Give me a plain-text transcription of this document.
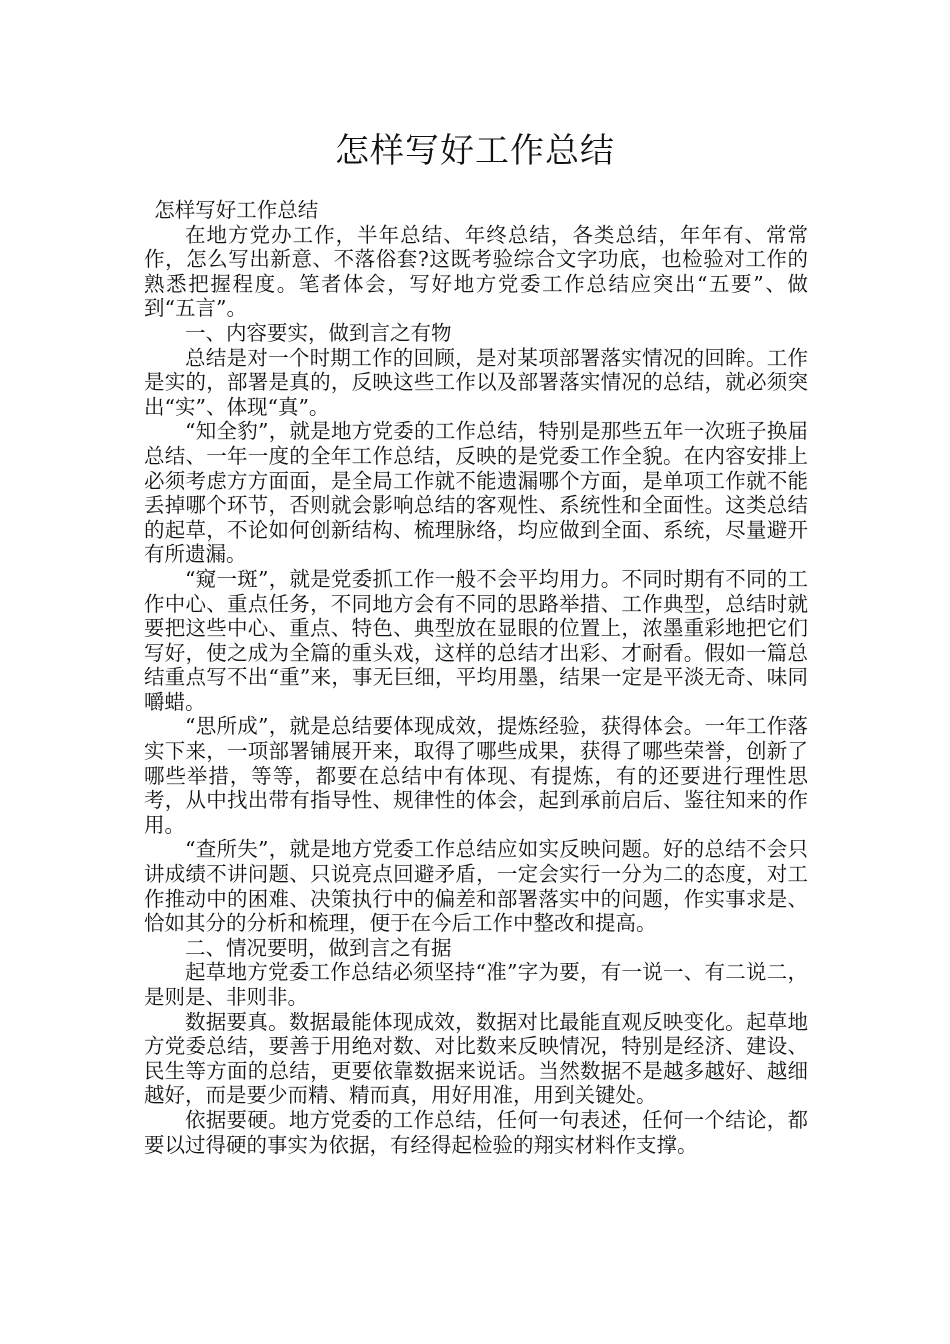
怎样写好工作总结

怎样写好工作总结

在地方党办工作，半年总结、年终总结，各类总结，年年有、常常作，怎么写出新意、不落俗套?这既考验综合文字功底，也检验对工作的熟悉把握程度。笔者体会，写好地方党委工作总结应突出“五要”、做到“五言”。

一、内容要实，做到言之有物

总结是对一个时期工作的回顾，是对某项部署落实情况的回眸。工作是实的，部署是真的，反映这些工作以及部署落实情况的总结，就必须突出“实”、体现“真”。

“知全豹”，就是地方党委的工作总结，特别是那些五年一次班子换届总结、一年一度的全年工作总结，反映的是党委工作全貌。在内容安排上必须考虑方方面面，是全局工作就不能遗漏哪个方面，是单项工作就不能丢掉哪个环节，否则就会影响总结的客观性、系统性和全面性。这类总结的起草，不论如何创新结构、梳理脉络，均应做到全面、系统，尽量避开有所遗漏。

“窥一斑”，就是党委抓工作一般不会平均用力。不同时期有不同的工作中心、重点任务，不同地方会有不同的思路举措、工作典型，总结时就要把这些中心、重点、特色、典型放在显眼的位置上，浓墨重彩地把它们写好，使之成为全篇的重头戏，这样的总结才出彩、才耐看。假如一篇总结重点写不出“重”来，事无巨细，平均用墨，结果一定是平淡无奇、味同嚼蜡。

“思所成”，就是总结要体现成效，提炼经验，获得体会。一年工作落实下来，一项部署铺展开来，取得了哪些成果，获得了哪些荣誉，创新了哪些举措，等等，都要在总结中有体现、有提炼，有的还要进行理性思考，从中找出带有指导性、规律性的体会，起到承前启后、鉴往知来的作用。

“查所失”，就是地方党委工作总结应如实反映问题。好的总结不会只讲成绩不讲问题、只说亮点回避矛盾，一定会实行一分为二的态度，对工作推动中的困难、决策执行中的偏差和部署落实中的问题，作实事求是、恰如其分的分析和梳理，便于在今后工作中整改和提高。

二、情况要明，做到言之有据

起草地方党委工作总结必须坚持“准”字为要，有一说一、有二说二，是则是、非则非。

数据要真。数据最能体现成效，数据对比最能直观反映变化。起草地方党委总结，要善于用绝对数、对比数来反映情况，特别是经济、建设、民生等方面的总结，更要依靠数据来说话。当然数据不是越多越好、越细越好，而是要少而精、精而真，用好用准，用到关键处。

依据要硬。地方党委的工作总结，任何一句表述，任何一个结论，都要以过得硬的事实为依据，有经得起检验的翔实材料作支撑。
